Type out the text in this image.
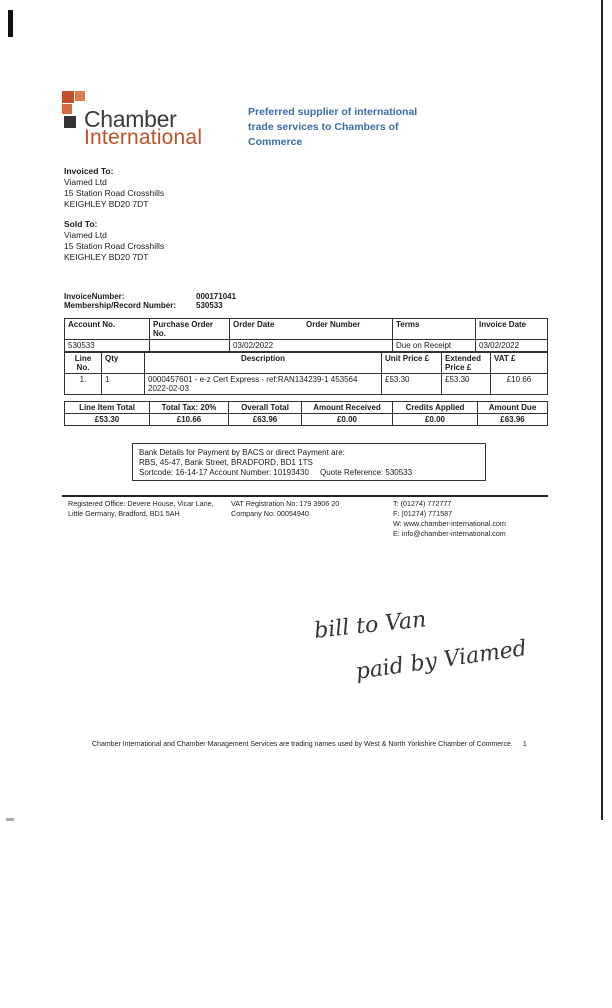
Chamber
International
Preferred supplier of international trade services to Chambers of Commerce
Invoiced To:
Viamed Ltd
15 Station Road Crosshills
KEIGHLEY BD20 7DT
Sold To:
Viamed Ltd
15 Station Road Crosshills
KEIGHLEY BD20 7DT
InvoiceNumber:	000171041
Membership/Record Number: 530533
Account No.	Purchase Order No.	Order Date	Order Number	Terms	Invoice Date
530533		03/02/2022		Due on Receipt	03/02/2022
Line No.	Qty	Description	Unit Price £	Extended Price £	VAT £
1.	1	0000457601 - e-z Cert Express - ref:RAN134239-1 453564
2022-02-03	£53.30	£53.30	£10.66
Line Item Total	Total Tax: 20%	Overall Total	Amount Received	Credits Applied	Amount Due
£53.30	£10.66	£63.96	£0.00	£0.00	£63.96
Bank Details for Payment by BACS or direct Payment are:
RBS, 45-47, Bank Street, BRADFORD, BD1 1TS
Sortcode: 16-14-17 Account Number: 10193430     Quote Reference: 530533
Registered Office: Devere House, Vicar Lane,
Little Germany, Bradford, BD1 5AH
VAT Registration No: 179 3906 20
Company No: 00054940
T: (01274) 772777
F: (01274) 771587
W: www.chamber-international.com
E: info@chamber-international.com
bill to Van
paid by Viamed
Chamber International and Chamber Management Services are trading names used by West & North Yorkshire Chamber of Commerce. 1
